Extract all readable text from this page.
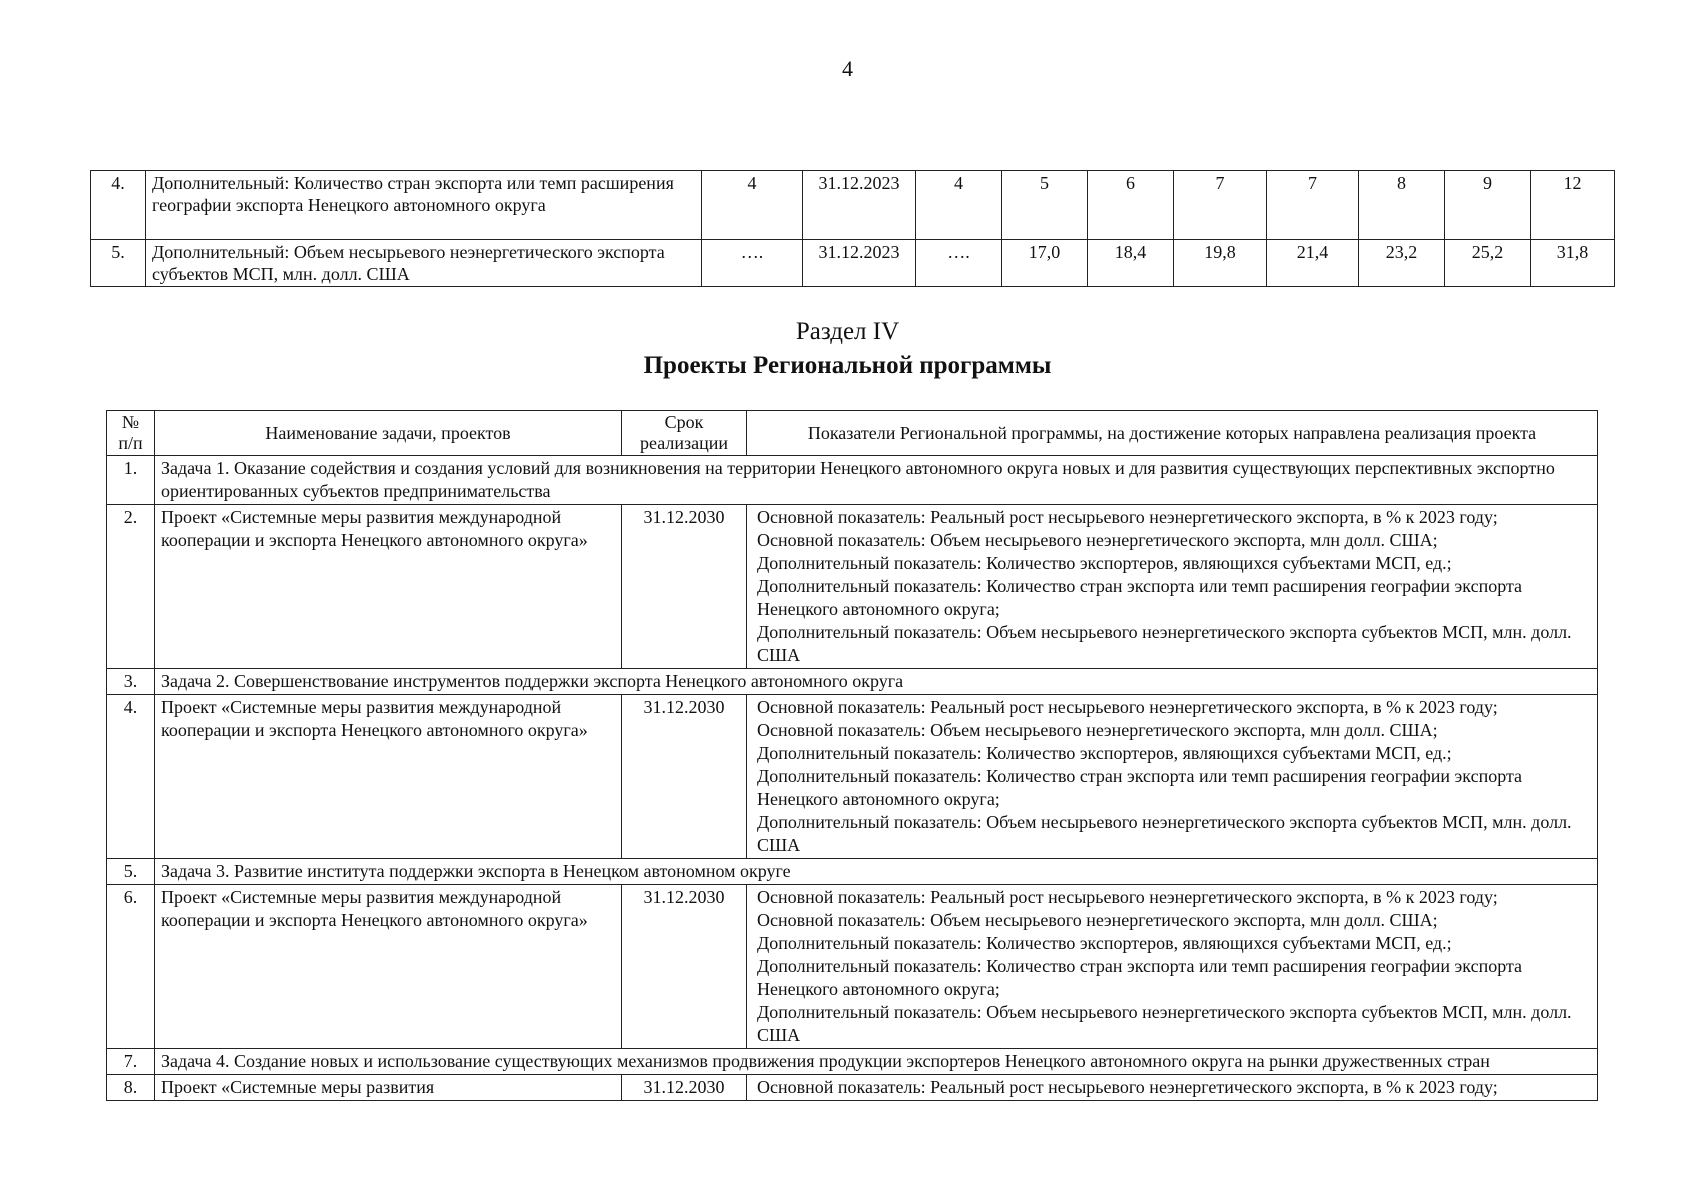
4
4.	Дополнительный: Количество стран экспорта или темп расширения географии экспорта Ненецкого автономного округа	4	31.12.2023	4	5	6	7	7	8	9	12
5.	Дополнительный: Объем несырьевого неэнергетического экспорта субъектов МСП, млн. долл. США	….	31.12.2023	….	17,0	18,4	19,8	21,4	23,2	25,2	31,8
Раздел IV
Проекты Региональной программы
№ п/п	Наименование задачи, проектов	Срок реализации	Показатели Региональной программы, на достижение которых направлена реализация проекта
1.	Задача 1. Оказание содействия и создания условий для возникновения на территории Ненецкого автономного округа новых и для развития существующих перспективных экспортно ориентированных субъектов предпринимательства		
2.	Проект «Системные меры развития международной кооперации и экспорта Ненецкого автономного округа»	31.12.2030	Основной показатель: Реальный рост несырьевого неэнергетического экспорта, в % к 2023 году;
Основной показатель: Объем несырьевого неэнергетического экспорта, млн долл. США;
Дополнительный показатель: Количество экспортеров, являющихся субъектами МСП, ед.;
Дополнительный показатель: Количество стран экспорта или темп расширения географии экспорта Ненецкого автономного округа;
Дополнительный показатель: Объем несырьевого неэнергетического экспорта субъектов МСП, млн. долл. США

3.	Задача 2. Совершенствование инструментов поддержки экспорта Ненецкого автономного округа		
4.	Проект «Системные меры развития международной кооперации и экспорта Ненецкого автономного округа»	31.12.2030	Основной показатель: Реальный рост несырьевого неэнергетического экспорта, в % к 2023 году;
Основной показатель: Объем несырьевого неэнергетического экспорта, млн долл. США;
Дополнительный показатель: Количество экспортеров, являющихся субъектами МСП, ед.;
Дополнительный показатель: Количество стран экспорта или темп расширения географии экспорта Ненецкого автономного округа;
Дополнительный показатель: Объем несырьевого неэнергетического экспорта субъектов МСП, млн. долл. США

5.	Задача 3. Развитие института поддержки экспорта в Ненецком автономном округе		
6.	Проект «Системные меры развития международной кооперации и экспорта Ненецкого автономного округа»	31.12.2030	Основной показатель: Реальный рост несырьевого неэнергетического экспорта, в % к 2023 году;
Основной показатель: Объем несырьевого неэнергетического экспорта, млн долл. США;
Дополнительный показатель: Количество экспортеров, являющихся субъектами МСП, ед.;
Дополнительный показатель: Количество стран экспорта или темп расширения географии экспорта Ненецкого автономного округа;
Дополнительный показатель: Объем несырьевого неэнергетического экспорта субъектов МСП, млн. долл. США

7.	Задача 4. Создание новых и использование существующих механизмов продвижения продукции экспортеров Ненецкого автономного округа на рынки дружественных стран		
8.	Проект «Системные меры развития	31.12.2030	Основной показатель: Реальный рост несырьевого неэнергетического экспорта, в % к 2023 году;
